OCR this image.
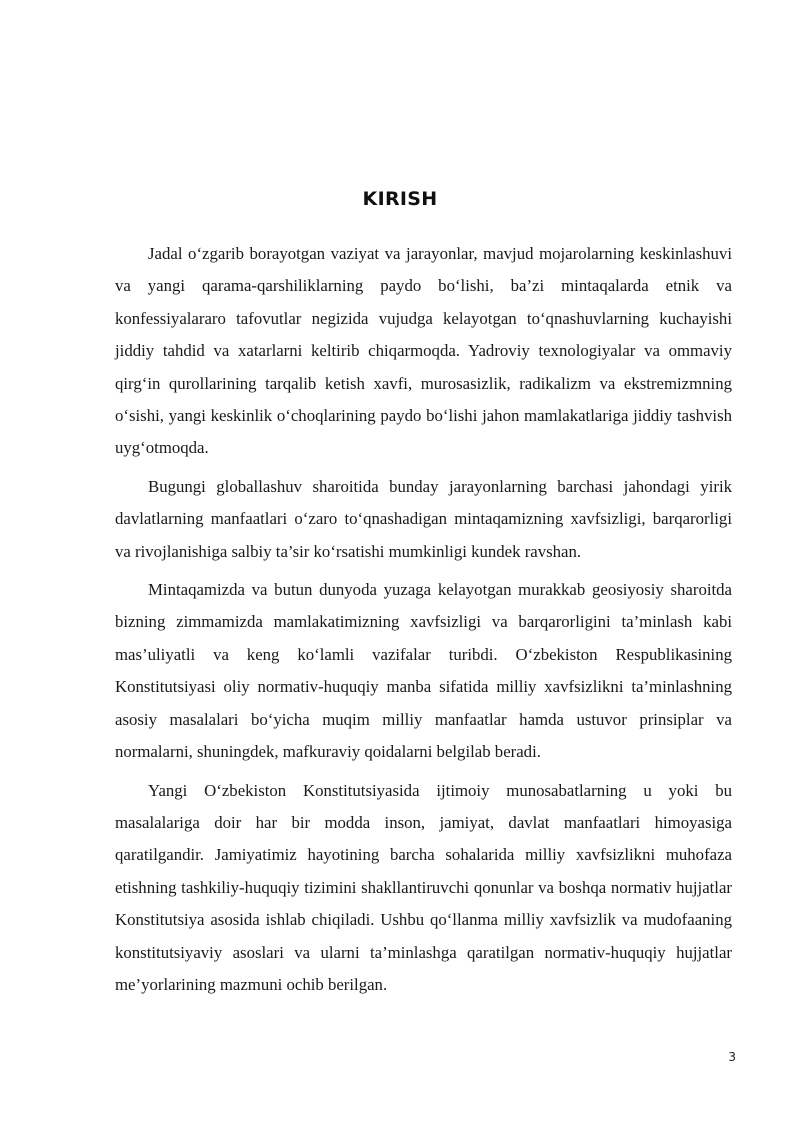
KIRISH

Jadal o‘zgarib borayotgan vaziyat va jarayonlar, mavjud mojarolarning keskinlashuvi va yangi qarama-qarshiliklarning paydo bo‘lishi, ba’zi mintaqalarda etnik va konfessiyalararo tafovutlar negizida vujudga kelayotgan to‘qnashuvlarning kuchayishi jiddiy tahdid va xatarlarni keltirib chiqarmoqda. Yadroviy texnologiyalar va ommaviy qirg‘in qurollarining tarqalib ketish xavfi, murosasizlik, radikalizm va ekstremizmning o‘sishi, yangi keskinlik o‘choqlarining paydo bo‘lishi jahon mamlakatlariga jiddiy tashvish uyg‘otmoqda.

Bugungi globallashuv sharoitida bunday jarayonlarning barchasi jahondagi yirik davlatlarning manfaatlari o‘zaro to‘qnashadigan mintaqamizning xavfsizligi, barqarorligi va rivojlanishiga salbiy ta’sir ko‘rsatishi mumkinligi kundek ravshan.

Mintaqamizda va butun dunyoda yuzaga kelayotgan murakkab geosiyosiy sharoitda bizning zimmamizda mamlakatimizning xavfsizligi va barqarorligini ta’minlash kabi mas’uliyatli va keng ko‘lamli vazifalar turibdi. O‘zbekiston Respublikasining Konstitutsiyasi oliy normativ-huquqiy manba sifatida milliy xavfsizlikni ta’minlashning asosiy masalalari bo‘yicha muqim milliy manfaatlar hamda ustuvor prinsiplar va normalarni, shuningdek, mafkuraviy qoidalarni belgilab beradi.

Yangi O‘zbekiston Konstitutsiyasida ijtimoiy munosabatlarning u yoki bu masalalariga doir har bir modda inson, jamiyat, davlat manfaatlari himoyasiga qaratilgandir. Jamiyatimiz hayotining barcha sohalarida milliy xavfsizlikni muhofaza etishning tashkiliy-huquqiy tizimini shakllantiruvchi qonunlar va boshqa normativ hujjatlar Konstitutsiya asosida ishlab chiqiladi. Ushbu qo‘llanma milliy xavfsizlik va mudofaaning konstitutsiyaviy asoslari va ularni ta’minlashga qaratilgan normativ-huquqiy hujjatlar me’yorlarining mazmuni ochib berilgan.

3
